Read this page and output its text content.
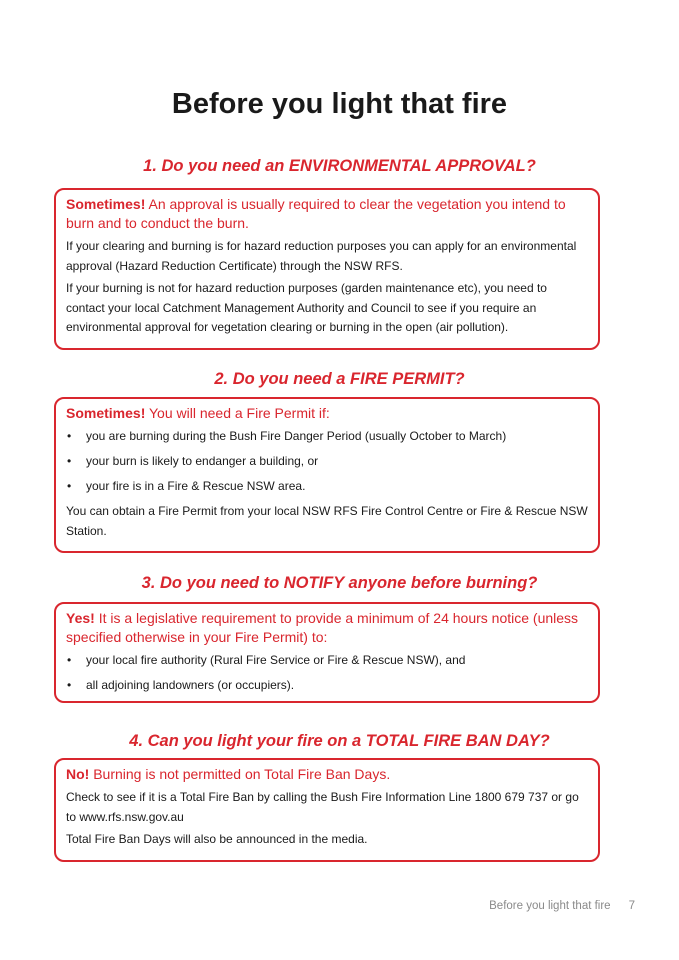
Before you light that fire
1. Do you need an ENVIRONMENTAL APPROVAL?

Sometimes! An approval is usually required to clear the vegetation you intend to burn and to conduct the burn.

If your clearing and burning is for hazard reduction purposes you can apply for an environmental approval (Hazard Reduction Certificate) through the NSW RFS.

If your burning is not for hazard reduction purposes (garden maintenance etc), you need to contact your local Catchment Management Authority and Council to see if you require an environmental approval for vegetation clearing or burning in the open (air pollution).

2. Do you need a FIRE PERMIT?

Sometimes! You will need a Fire Permit if:

• you are burning during the Bush Fire Danger Period (usually October to March)
• your burn is likely to endanger a building, or
• your fire is in a Fire & Rescue NSW area.

You can obtain a Fire Permit from your local NSW RFS Fire Control Centre or Fire & Rescue NSW Station.

3. Do you need to NOTIFY anyone before burning?

Yes! It is a legislative requirement to provide a minimum of 24 hours notice (unless specified otherwise in your Fire Permit) to:

• your local fire authority (Rural Fire Service or Fire & Rescue NSW), and
• all adjoining landowners (or occupiers).
4. Can you light your fire on a TOTAL FIRE BAN DAY?

No! Burning is not permitted on Total Fire Ban Days.

Check to see if it is a Total Fire Ban by calling the Bush Fire Information Line 1800 679 737 or go to www.rfs.nsw.gov.au

Total Fire Ban Days will also be announced in the media.

Before you light that fire 7
